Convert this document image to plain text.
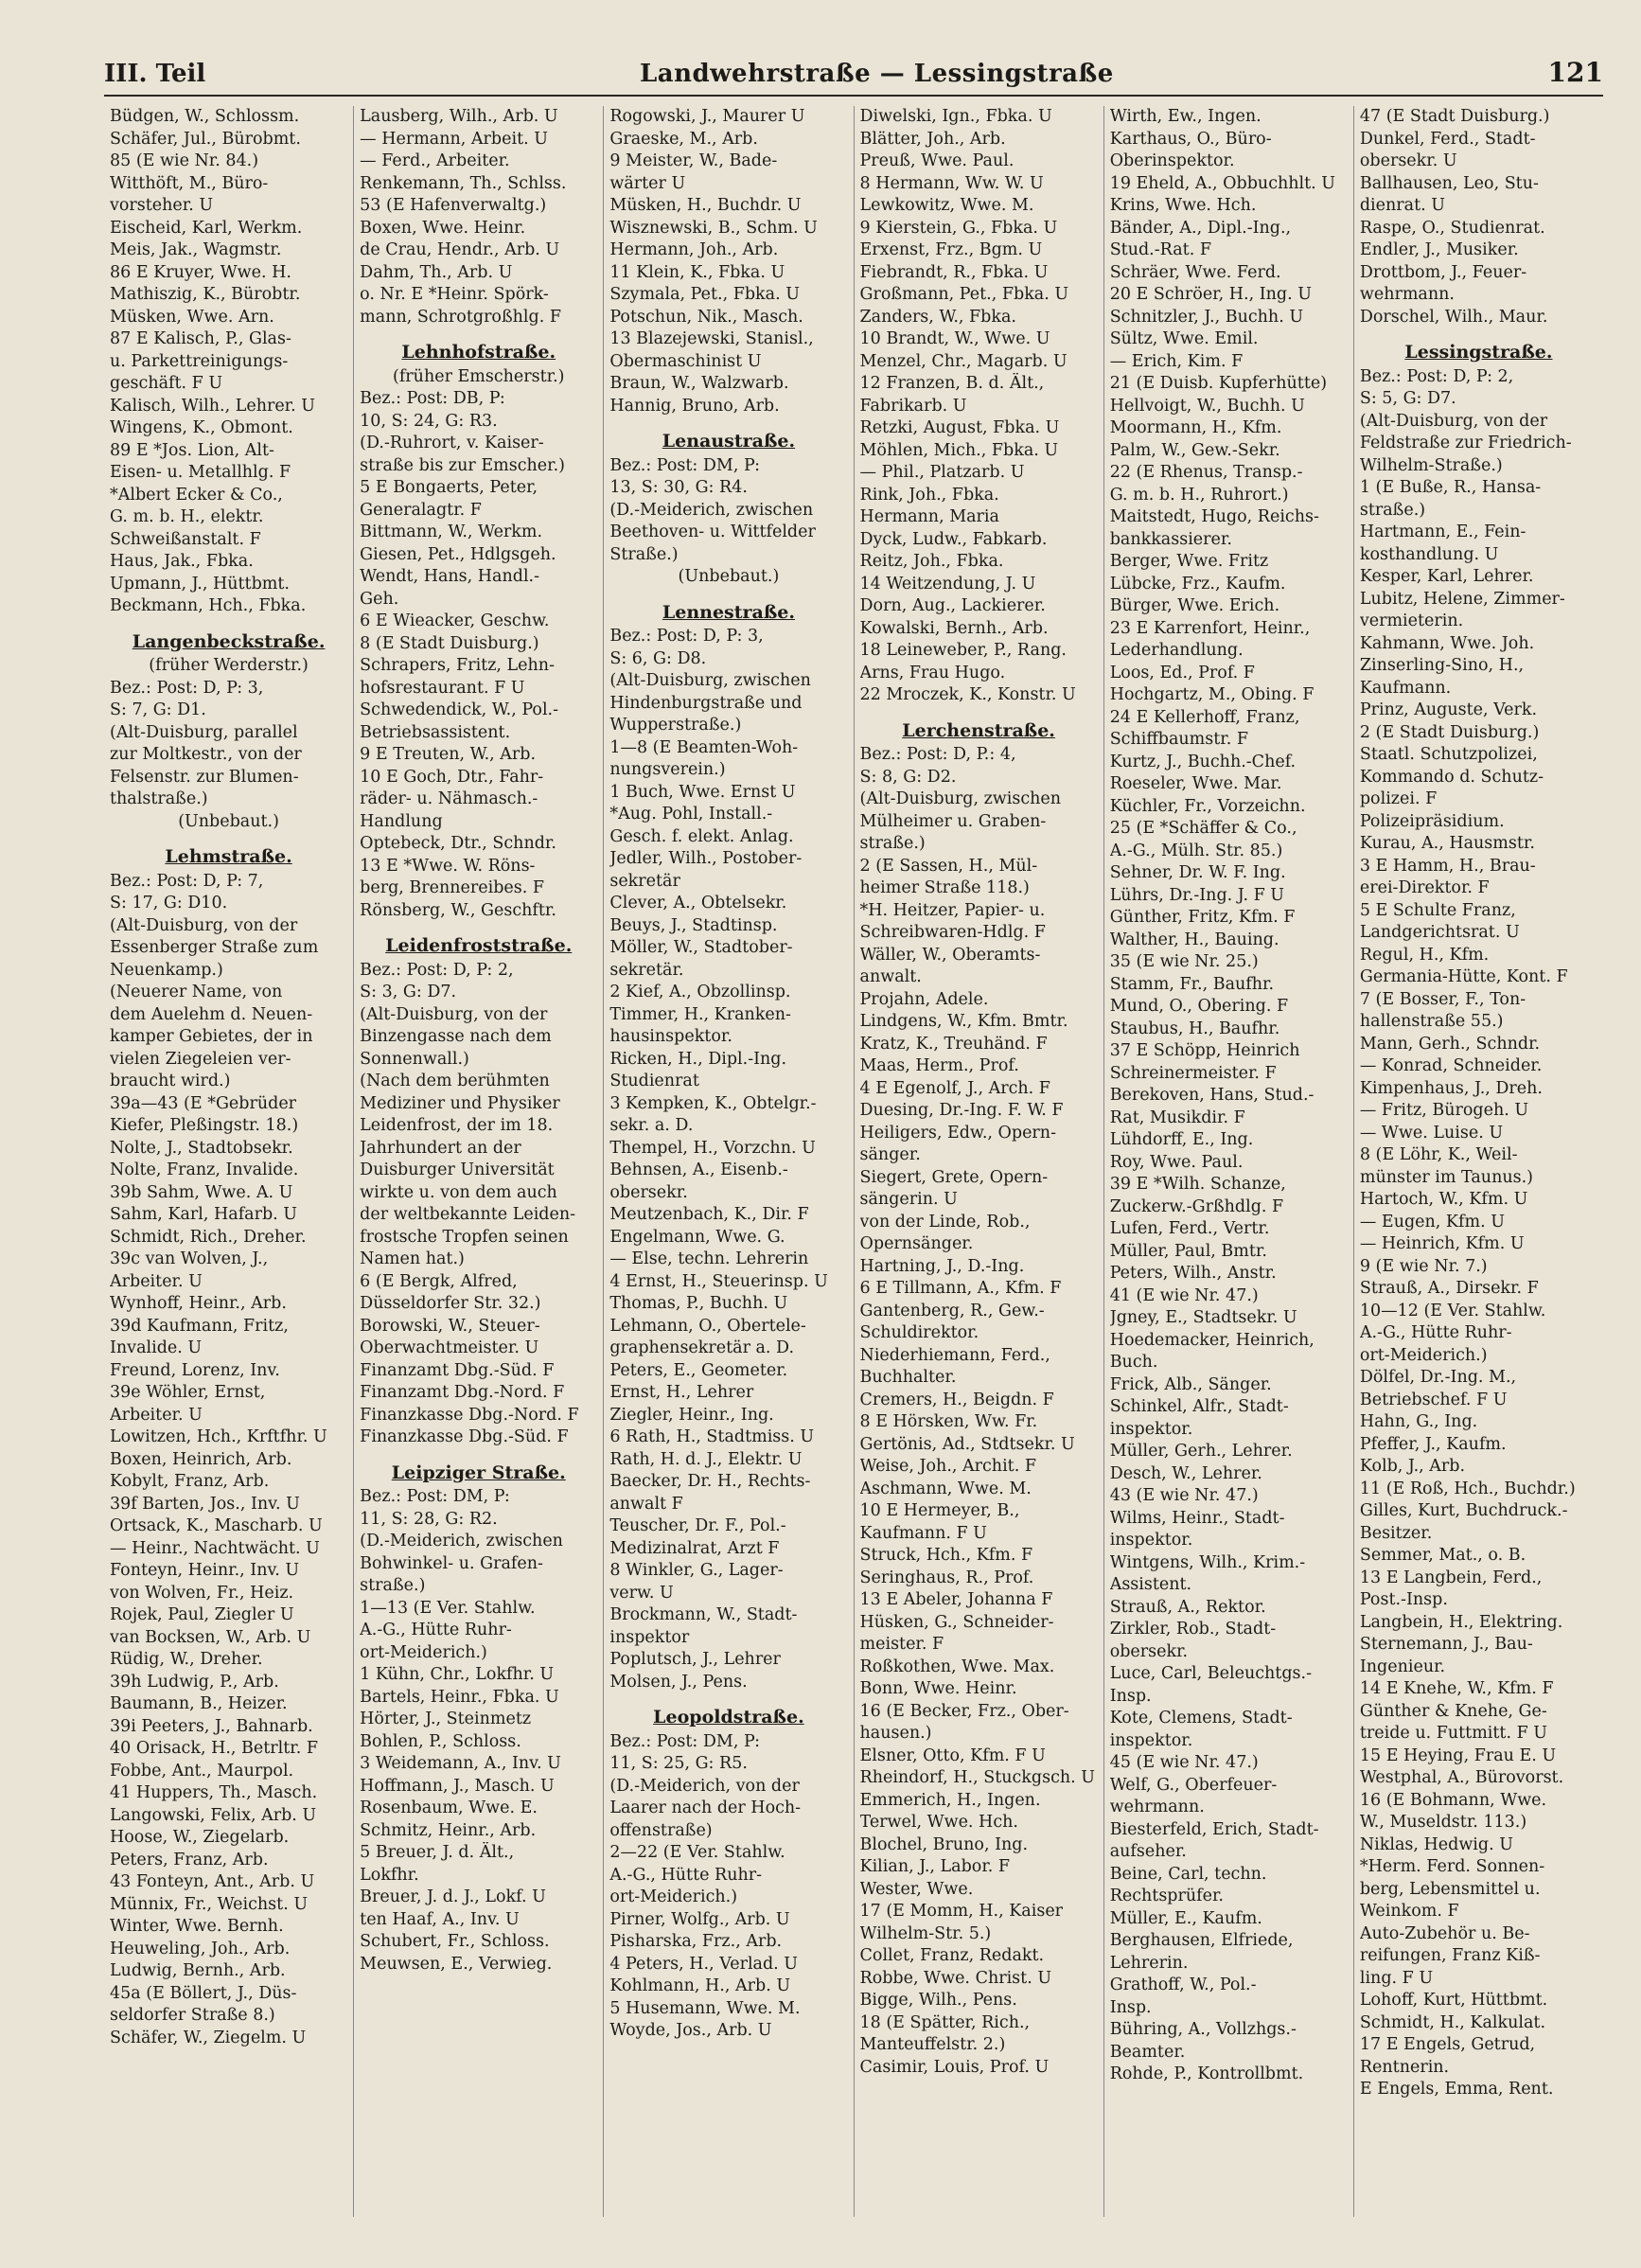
III. Teil	Landwehrstraße — Lessingstraße	121
Büdgen, W., Schlossm.
Schäfer, Jul., Bürobmt.
85 (E wie Nr. 84.)
Witthöft, M., Büro-
vorsteher. U
Eischeid, Karl, Werkm.
Meis, Jak., Wagmstr.
86 E Kruyer, Wwe. H.
Mathiszig, K., Bürobtr.
Müsken, Wwe. Arn.
87 E Kalisch, P., Glas-
u. Parkettreinigungs-
geschäft. F U
Kalisch, Wilh., Lehrer. U
Wingens, K., Obmont.
89 E *Jos. Lion, Alt-
Eisen- u. Metallhlg. F
*Albert Ecker & Co.,
G. m. b. H., elektr.
Schweißanstalt. F
Haus, Jak., Fbka.
Upmann, J., Hüttbmt.
Beckmann, Hch., Fbka.
Langenbeckstraße.
(früher Werderstr.)
Bez.: Post: D, P: 3,
S: 7, G: D1.
(Alt-Duisburg, parallel
zur Moltkestr., von der
Felsenstr. zur Blumen-
thalstraße.)
(Unbebaut.)
Lehmstraße.
Bez.: Post: D, P: 7,
S: 17, G: D10.
(Alt-Duisburg, von der
Essenberger Straße zum
Neuenkamp.)
(Neuerer Name, von
dem Auelehm d. Neuen-
kamper Gebietes, der in
vielen Ziegeleien ver-
braucht wird.)
39a—43 (E *Gebrüder
Kiefer, Pleßingstr. 18.)
Nolte, J., Stadtobsekr.
Nolte, Franz, Invalide.
39b Sahm, Wwe. A. U
Sahm, Karl, Hafarb. U
Schmidt, Rich., Dreher.
39c van Wolven, J.,
Arbeiter. U
Wynhoff, Heinr., Arb.
39d Kaufmann, Fritz,
Invalide. U
Freund, Lorenz, Inv.
39e Wöhler, Ernst,
Arbeiter. U
Lowitzen, Hch., Krftfhr. U
Boxen, Heinrich, Arb.
Kobylt, Franz, Arb.
39f Barten, Jos., Inv. U
Ortsack, K., Mascharb. U
— Heinr., Nachtwächt. U
Fonteyn, Heinr., Inv. U
von Wolven, Fr., Heiz.
Rojek, Paul, Ziegler U
van Bocksen, W., Arb. U
Rüdig, W., Dreher.
39h Ludwig, P., Arb.
Baumann, B., Heizer.
39i Peeters, J., Bahnarb.
40 Orisack, H., Betrltr. F
Fobbe, Ant., Maurpol.
41 Huppers, Th., Masch.
Langowski, Felix, Arb. U
Hoose, W., Ziegelarb.
Peters, Franz, Arb.
43 Fonteyn, Ant., Arb. U
Münnix, Fr., Weichst. U
Winter, Wwe. Bernh.
Heuweling, Joh., Arb.
Ludwig, Bernh., Arb.
45a (E Böllert, J., Düs-
seldorfer Straße 8.)
Schäfer, W., Ziegelm. U
Lausberg, Wilh., Arb. U
— Hermann, Arbeit. U
— Ferd., Arbeiter.
Renkemann, Th., Schlss.
53 (E Hafenverwaltg.)
Boxen, Wwe. Heinr.
de Crau, Hendr., Arb. U
Dahm, Th., Arb. U
o. Nr. E *Heinr. Spörk-
mann, Schrotgroßhlg. F
Lehnhofstraße.
(früher Emscherstr.)
Bez.: Post: DB, P:
10, S: 24, G: R3.
(D.-Ruhrort, v. Kaiser-
straße bis zur Emscher.)
5 E Bongaerts, Peter,
Generalagtr. F
Bittmann, W., Werkm.
Giesen, Pet., Hdlgsgeh.
Wendt, Hans, Handl.-
Geh.
6 E Wieacker, Geschw.
8 (E Stadt Duisburg.)
Schrapers, Fritz, Lehn-
hofsrestaurant. F U
Schwedendick, W., Pol.-
Betriebsassistent.
9 E Treuten, W., Arb.
10 E Goch, Dtr., Fahr-
räder- u. Nähmasch.-
Handlung
Optebeck, Dtr., Schndr.
13 E *Wwe. W. Röns-
berg, Brennereibes. F
Rönsberg, W., Geschftr.
Leidenfroststraße.
Bez.: Post: D, P: 2,
S: 3, G: D7.
(Alt-Duisburg, von der
Binzengasse nach dem
Sonnenwall.)
(Nach dem berühmten
Mediziner und Physiker
Leidenfrost, der im 18.
Jahrhundert an der
Duisburger Universität
wirkte u. von dem auch
der weltbekannte Leiden-
frostsche Tropfen seinen
Namen hat.)
6 (E Bergk, Alfred,
Düsseldorfer Str. 32.)
Borowski, W., Steuer-
Oberwachtmeister. U
Finanzamt Dbg.-Süd. F
Finanzamt Dbg.-Nord. F
Finanzkasse Dbg.-Nord. F
Finanzkasse Dbg.-Süd. F
Leipziger Straße.
Bez.: Post: DM, P:
11, S: 28, G: R2.
(D.-Meiderich, zwischen
Bohwinkel- u. Grafen-
straße.)
1—13 (E Ver. Stahlw.
A.-G., Hütte Ruhr-
ort-Meiderich.)
1 Kühn, Chr., Lokfhr. U
Bartels, Heinr., Fbka. U
Hörter, J., Steinmetz
Bohlen, P., Schloss.
3 Weidemann, A., Inv. U
Hoffmann, J., Masch. U
Rosenbaum, Wwe. E.
Schmitz, Heinr., Arb.
5 Breuer, J. d. Ält.,
Lokfhr.
Breuer, J. d. J., Lokf. U
ten Haaf, A., Inv. U
Schubert, Fr., Schloss.
Meuwsen, E., Verwieg.
Rogowski, J., Maurer U
Graeske, M., Arb.
9 Meister, W., Bade-
wärter U
Müsken, H., Buchdr. U
Wisznewski, B., Schm. U
Hermann, Joh., Arb.
11 Klein, K., Fbka. U
Szymala, Pet., Fbka. U
Potschun, Nik., Masch.
13 Blazejewski, Stanisl.,
Obermaschinist U
Braun, W., Walzwarb.
Hannig, Bruno, Arb.
Lenaustraße.
Bez.: Post: DM, P:
13, S: 30, G: R4.
(D.-Meiderich, zwischen
Beethoven- u. Wittfelder
Straße.)
(Unbebaut.)
Lennestraße.
Bez.: Post: D, P: 3,
S: 6, G: D8.
(Alt-Duisburg, zwischen
Hindenburgstraße und
Wupperstraße.)
1—8 (E Beamten-Woh-
nungsverein.)
1 Buch, Wwe. Ernst U
*Aug. Pohl, Install.-
Gesch. f. elekt. Anlag.
Jedler, Wilh., Postober-
sekretär
Clever, A., Obtelsekr.
Beuys, J., Stadtinsp.
Möller, W., Stadtober-
sekretär.
2 Kief, A., Obzollinsp.
Timmer, H., Kranken-
hausinspektor.
Ricken, H., Dipl.-Ing.
Studienrat
3 Kempken, K., Obtelgr.-
sekr. a. D.
Thempel, H., Vorzchn. U
Behnsen, A., Eisenb.-
obersekr.
Meutzenbach, K., Dir. F
Engelmann, Wwe. G.
— Else, techn. Lehrerin
4 Ernst, H., Steuerinsp. U
Thomas, P., Buchh. U
Lehmann, O., Obertele-
graphensekretär a. D.
Peters, E., Geometer.
Ernst, H., Lehrer
Ziegler, Heinr., Ing.
6 Rath, H., Stadtmiss. U
Rath, H. d. J., Elektr. U
Baecker, Dr. H., Rechts-
anwalt F
Teuscher, Dr. F., Pol.-
Medizinalrat, Arzt F
8 Winkler, G., Lager-
verw. U
Brockmann, W., Stadt-
inspektor
Poplutsch, J., Lehrer
Molsen, J., Pens.
Leopoldstraße.
Bez.: Post: DM, P:
11, S: 25, G: R5.
(D.-Meiderich, von der
Laarer nach der Hoch-
offenstraße)
2—22 (E Ver. Stahlw.
A.-G., Hütte Ruhr-
ort-Meiderich.)
Pirner, Wolfg., Arb. U
Pisharska, Frz., Arb.
4 Peters, H., Verlad. U
Kohlmann, H., Arb. U
5 Husemann, Wwe. M.
Woyde, Jos., Arb. U
Diwelski, Ign., Fbka. U
Blätter, Joh., Arb.
Preuß, Wwe. Paul.
8 Hermann, Ww. W. U
Lewkowitz, Wwe. M.
9 Kierstein, G., Fbka. U
Erxenst, Frz., Bgm. U
Fiebrandt, R., Fbka. U
Großmann, Pet., Fbka. U
Zanders, W., Fbka.
10 Brandt, W., Wwe. U
Menzel, Chr., Magarb. U
12 Franzen, B. d. Ält.,
Fabrikarb. U
Retzki, August, Fbka. U
Möhlen, Mich., Fbka. U
— Phil., Platzarb. U
Rink, Joh., Fbka.
Hermann, Maria
Dyck, Ludw., Fabkarb.
Reitz, Joh., Fbka.
14 Weitzendung, J. U
Dorn, Aug., Lackierer.
Kowalski, Bernh., Arb.
18 Leineweber, P., Rang.
Arns, Frau Hugo.
22 Mroczek, K., Konstr. U
Lerchenstraße.
Bez.: Post: D, P.: 4,
S: 8, G: D2.
(Alt-Duisburg, zwischen
Mülheimer u. Graben-
straße.)
2 (E Sassen, H., Mül-
heimer Straße 118.)
*H. Heitzer, Papier- u.
Schreibwaren-Hdlg. F
Wäller, W., Oberamts-
anwalt.
Projahn, Adele.
Lindgens, W., Kfm. Bmtr.
Kratz, K., Treuhänd. F
Maas, Herm., Prof.
4 E Egenolf, J., Arch. F
Duesing, Dr.-Ing. F. W. F
Heiligers, Edw., Opern-
sänger.
Siegert, Grete, Opern-
sängerin. U
von der Linde, Rob.,
Opernsänger.
Hartning, J., D.-Ing.
6 E Tillmann, A., Kfm. F
Gantenberg, R., Gew.-
Schuldirektor.
Niederhiemann, Ferd.,
Buchhalter.
Cremers, H., Beigdn. F
8 E Hörsken, Ww. Fr.
Gertönis, Ad., Stdtsekr. U
Weise, Joh., Archit. F
Aschmann, Wwe. M.
10 E Hermeyer, B.,
Kaufmann. F U
Struck, Hch., Kfm. F
Seringhaus, R., Prof.
13 E Abeler, Johanna F
Hüsken, G., Schneider-
meister. F
Roßkothen, Wwe. Max.
Bonn, Wwe. Heinr.
16 (E Becker, Frz., Ober-
hausen.)
Elsner, Otto, Kfm. F U
Rheindorf, H., Stuckgsch. U
Emmerich, H., Ingen.
Terwel, Wwe. Hch.
Blochel, Bruno, Ing.
Kilian, J., Labor. F
Wester, Wwe.
17 (E Momm, H., Kaiser
Wilhelm-Str. 5.)
Collet, Franz, Redakt.
Robbe, Wwe. Christ. U
Bigge, Wilh., Pens.
18 (E Spätter, Rich.,
Manteuffelstr. 2.)
Casimir, Louis, Prof. U
Wirth, Ew., Ingen.
Karthaus, O., Büro-
Oberinspektor.
19 Eheld, A., Obbuchhlt. U
Krins, Wwe. Hch.
Bänder, A., Dipl.-Ing.,
Stud.-Rat. F
Schräer, Wwe. Ferd.
20 E Schröer, H., Ing. U
Schnitzler, J., Buchh. U
Sültz, Wwe. Emil.
— Erich, Kim. F
21 (E Duisb. Kupferhütte)
Hellvoigt, W., Buchh. U
Moormann, H., Kfm.
Palm, W., Gew.-Sekr.
22 (E Rhenus, Transp.-
G. m. b. H., Ruhrort.)
Maitstedt, Hugo, Reichs-
bankkassierer.
Berger, Wwe. Fritz
Lübcke, Frz., Kaufm.
Bürger, Wwe. Erich.
23 E Karrenfort, Heinr.,
Lederhandlung.
Loos, Ed., Prof. F
Hochgartz, M., Obing. F
24 E Kellerhoff, Franz,
Schiffbaumstr. F
Kurtz, J., Buchh.-Chef.
Roeseler, Wwe. Mar.
Küchler, Fr., Vorzeichn.
25 (E *Schäffer & Co.,
A.-G., Mülh. Str. 85.)
Sehner, Dr. W. F. Ing.
Lührs, Dr.-Ing. J. F U
Günther, Fritz, Kfm. F
Walther, H., Bauing.
35 (E wie Nr. 25.)
Stamm, Fr., Baufhr.
Mund, O., Obering. F
Staubus, H., Baufhr.
37 E Schöpp, Heinrich
Schreinermeister. F
Berekoven, Hans, Stud.-
Rat, Musikdir. F
Lühdorff, E., Ing.
Roy, Wwe. Paul.
39 E *Wilh. Schanze,
Zuckerw.-Grßhdlg. F
Lufen, Ferd., Vertr.
Müller, Paul, Bmtr.
Peters, Wilh., Anstr.
41 (E wie Nr. 47.)
Jgney, E., Stadtsekr. U
Hoedemacker, Heinrich,
Buch.
Frick, Alb., Sänger.
Schinkel, Alfr., Stadt-
inspektor.
Müller, Gerh., Lehrer.
Desch, W., Lehrer.
43 (E wie Nr. 47.)
Wilms, Heinr., Stadt-
inspektor.
Wintgens, Wilh., Krim.-
Assistent.
Strauß, A., Rektor.
Zirkler, Rob., Stadt-
obersekr.
Luce, Carl, Beleuchtgs.-
Insp.
Kote, Clemens, Stadt-
inspektor.
45 (E wie Nr. 47.)
Welf, G., Oberfeuer-
wehrmann.
Biesterfeld, Erich, Stadt-
aufseher.
Beine, Carl, techn.
Rechtsprüfer.
Müller, E., Kaufm.
Berghausen, Elfriede,
Lehrerin.
Grathoff, W., Pol.-
Insp.
Bühring, A., Vollzhgs.-
Beamter.
Rohde, P., Kontrollbmt.
47 (E Stadt Duisburg.)
Dunkel, Ferd., Stadt-
obersekr. U
Ballhausen, Leo, Stu-
dienrat. U
Raspe, O., Studienrat.
Endler, J., Musiker.
Drottbom, J., Feuer-
wehrmann.
Dorschel, Wilh., Maur.
Lessingstraße.
Bez.: Post: D, P: 2,
S: 5, G: D7.
(Alt-Duisburg, von der
Feldstraße zur Friedrich-
Wilhelm-Straße.)
1 (E Buße, R., Hansa-
straße.)
Hartmann, E., Fein-
kosthandlung. U
Kesper, Karl, Lehrer.
Lubitz, Helene, Zimmer-
vermieterin.
Kahmann, Wwe. Joh.
Zinserling-Sino, H.,
Kaufmann.
Prinz, Auguste, Verk.
2 (E Stadt Duisburg.)
Staatl. Schutzpolizei,
Kommando d. Schutz-
polizei. F
Polizeipräsidium.
Kurau, A., Hausmstr.
3 E Hamm, H., Brau-
erei-Direktor. F
5 E Schulte Franz,
Landgerichtsrat. U
Regul, H., Kfm.
Germania-Hütte, Kont. F
7 (E Bosser, F., Ton-
hallenstraße 55.)
Mann, Gerh., Schndr.
— Konrad, Schneider.
Kimpenhaus, J., Dreh.
— Fritz, Bürogeh. U
— Wwe. Luise. U
8 (E Löhr, K., Weil-
münster im Taunus.)
Hartoch, W., Kfm. U
— Eugen, Kfm. U
— Heinrich, Kfm. U
9 (E wie Nr. 7.)
Strauß, A., Dirsekr. F
10—12 (E Ver. Stahlw.
A.-G., Hütte Ruhr-
ort-Meiderich.)
Dölfel, Dr.-Ing. M.,
Betriebschef. F U
Hahn, G., Ing.
Pfeffer, J., Kaufm.
Kolb, J., Arb.
11 (E Roß, Hch., Buchdr.)
Gilles, Kurt, Buchdruck.-
Besitzer.
Semmer, Mat., o. B.
13 E Langbein, Ferd.,
Post.-Insp.
Langbein, H., Elektring.
Sternemann, J., Bau-
Ingenieur.
14 E Knehe, W., Kfm. F
Günther & Knehe, Ge-
treide u. Futtmitt. F U
15 E Heying, Frau E. U
Westphal, A., Bürovorst.
16 (E Bohmann, Wwe.
W., Museldstr. 113.)
Niklas, Hedwig. U
*Herm. Ferd. Sonnen-
berg, Lebensmittel u.
Weinkom. F
Auto-Zubehör u. Be-
reifungen, Franz Kiß-
ling. F U
Lohoff, Kurt, Hüttbmt.
Schmidt, H., Kalkulat.
17 E Engels, Getrud,
Rentnerin.
E Engels, Emma, Rent.
